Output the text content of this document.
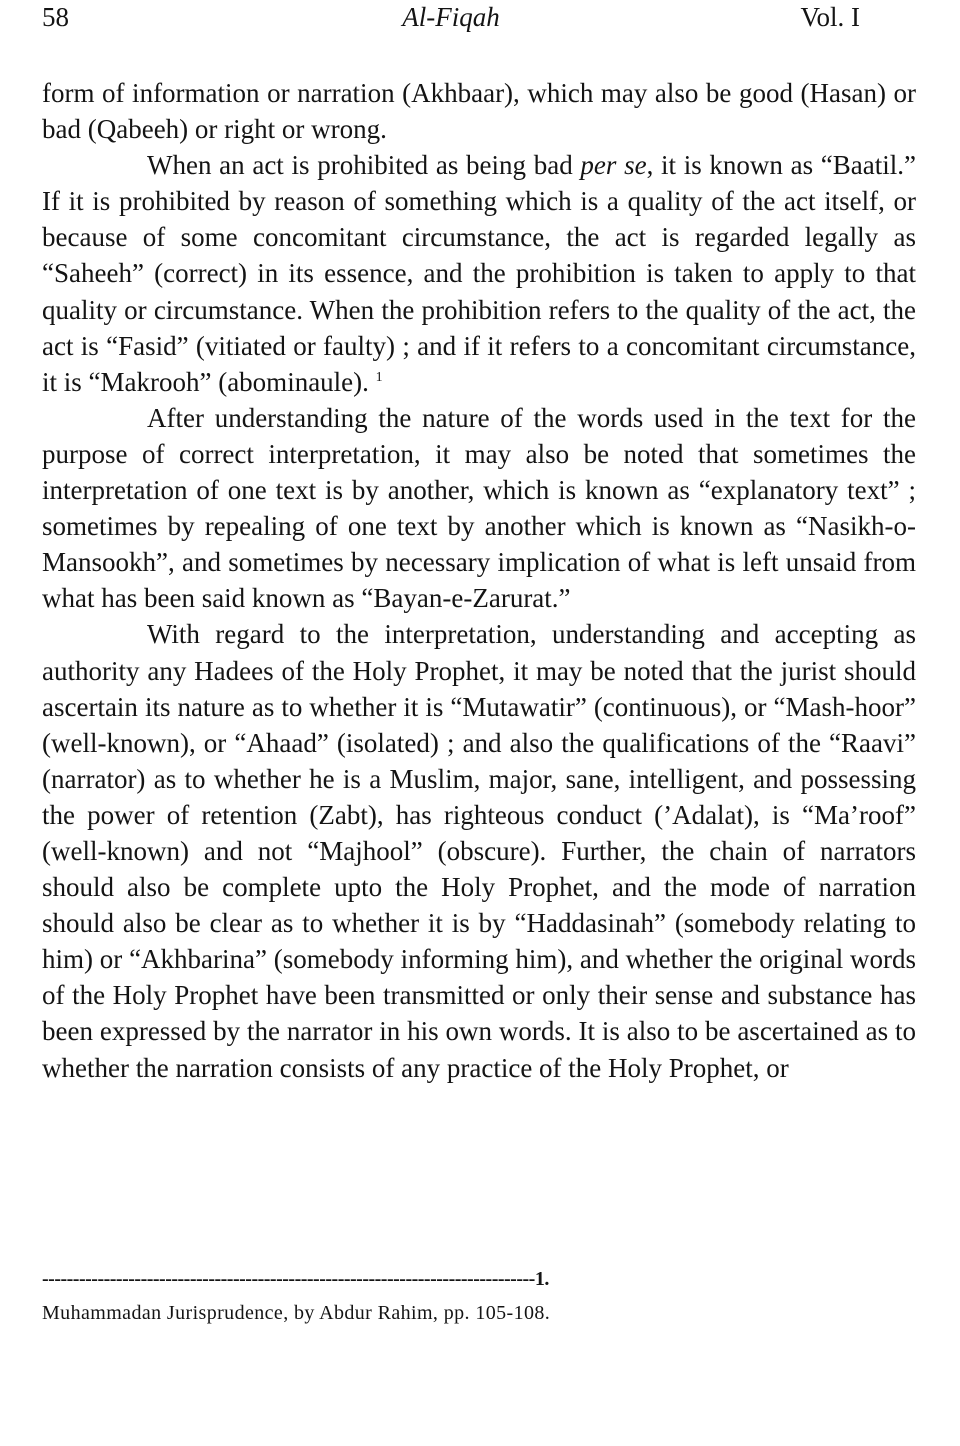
58	Al-Fiqah	Vol. I

form of information or narration (Akhbaar), which may also be good (Hasan) or bad (Qabeeh) or right or wrong.

When an act is prohibited as being bad per se, it is known as “Baatil.” If it is prohibited by reason of something which is a quality of the act itself, or because of some concomitant circumstance, the act is regarded legally as “Saheeh” (correct) in its essence, and the prohibition is taken to apply to that quality or circumstance. When the prohibition refers to the quality of the act, the act is “Fasid” (vitiated or faulty) ; and if it refers to a concomitant circumstance, it is “Makrooh” (abominaule). $^1$

After understanding the nature of the words used in the text for the purpose of correct interpretation, it may also be noted that sometimes the interpretation of one text is by another, which is known as “explanatory text” ; sometimes by repealing of one text by another which is known as “Nasikh-o-Mansookh”, and sometimes by necessary implication of what is left unsaid from what has been said known as “Bayan-e-Zarurat.”

With regard to the interpretation, understanding and accepting as authority any Hadees of the Holy Prophet, it may be noted that the jurist should ascertain its nature as to whether it is “Mutawatir” (continuous), or “Mash-hoor” (well-known), or “Ahaad” (isolated) ; and also the qualifications of the “Raavi” (narrator) as to whether he is a Muslim, major, sane, intelligent, and possessing the power of retention (Zabt), has righteous conduct (’Adalat), is “Ma’roof” (well-known) and not “Majhool” (obscure). Further, the chain of narrators should also be complete upto the Holy Prophet, and the mode of narration should also be clear as to whether it is by “Haddasinah” (somebody relating to him) or “Akhbarina” (somebody informing him), and whether the original words of the Holy Prophet have been transmitted or only their sense and substance has been expressed by the narrator in his own words. It is also to be ascertained as to whether the narration consists of any practice of the Holy Prophet, or

--------------------------------------------------------------------------------1.
Muhammadan Jurisprudence, by Abdur Rahim, pp. 105-108.
